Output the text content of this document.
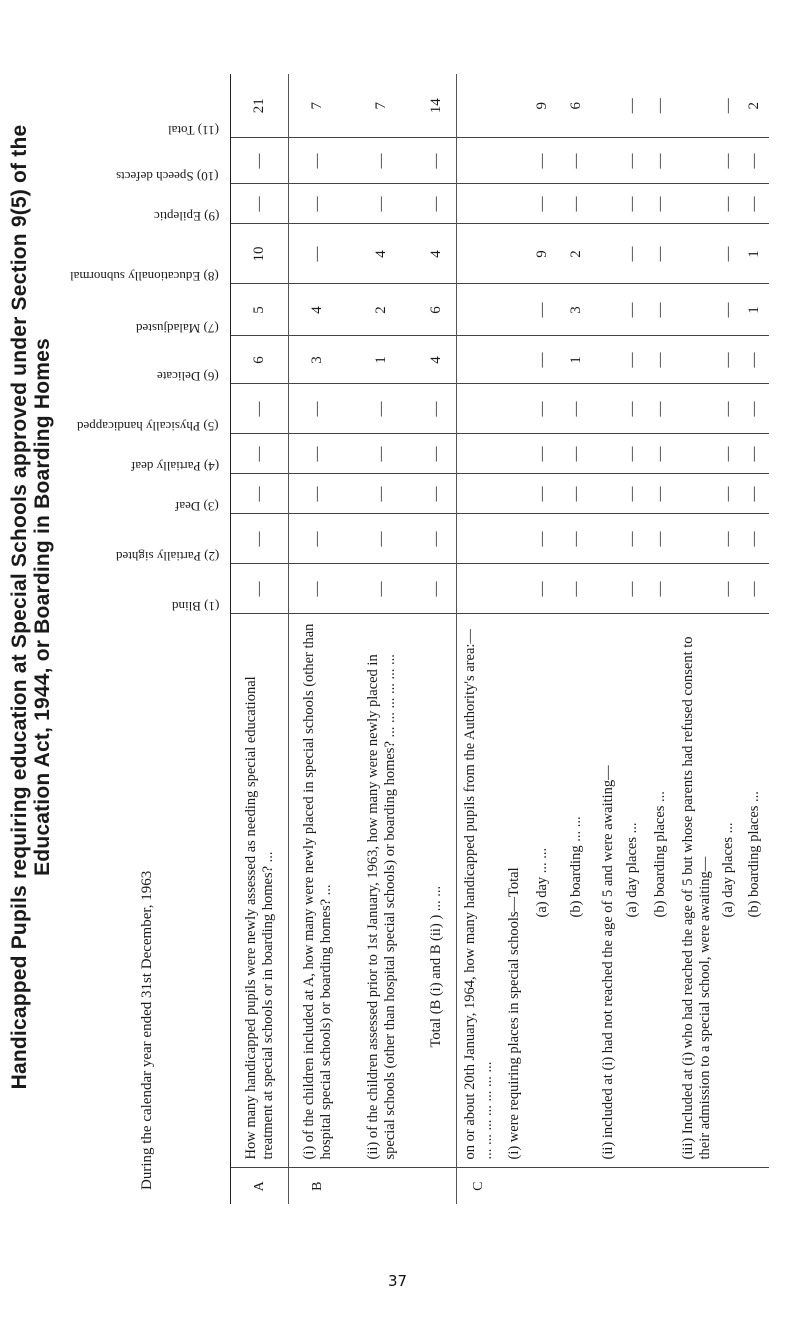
Handicapped Pupils requiring education at Special Schools approved under Section 9(5) of the Education Act, 1944, or Boarding in Boarding Homes
During the calendar year ended 31st December, 1963		(1) Blind	(2) Partially sighted	(3) Deaf	(4) Partially deaf	(5) Physically handicapped	(6) Delicate	(7) Maladjusted	(8) Educationally subnormal	(9) Epileptic	(10) Speech defects	(11) Total
A	How many handicapped pupils were newly assessed as needing special educational treatment at special schools or in boarding homes? ...	—	—	—	—	—	6	5	10	—	—	21
B	(i) of the children included at A, how many were newly placed in special schools (other than hospital special schools) or boarding homes? ...	—	—	—	—	—	3	4	—	—	—	7
	(ii) of the children assessed prior to 1st January, 1963, how many were newly placed in special schools (other than hospital special schools) or boarding homes? ... ... ... ... ... ...	—	—	—	—	—	1	2	4	—	—	7
	Total (B (i) and B (ii) ) ... ...	—	—	—	—	—	4	6	4	—	—	14
C	on or about 20th January, 1964, how many handicapped pupils from the Authority's area:— ... ... ... ... ... ... ...											
	(i) were requiring places in special schools—Total											
	(a) day ... ...	—	—	—	—	—	—	—	9	—	—	9
	(b) boarding ... ...	—	—	—	—	—	1	3	2	—	—	6
	(ii) included at (i) had not reached the age of 5 and were awaiting—											
	(a) day places ...	—	—	—	—	—	—	—	—	—	—	—
	(b) boarding places ...	—	—	—	—	—	—	—	—	—	—	—
	(iii) Included at (i) who had reached the age of 5 but whose parents had refused consent to their admission to a special school, were awaiting—											
	(a) day places ...	—	—	—	—	—	—	—	—	—	—	—
	(b) boarding places ...	—	—	—	—	—	—	1	1	—	—	2
37
